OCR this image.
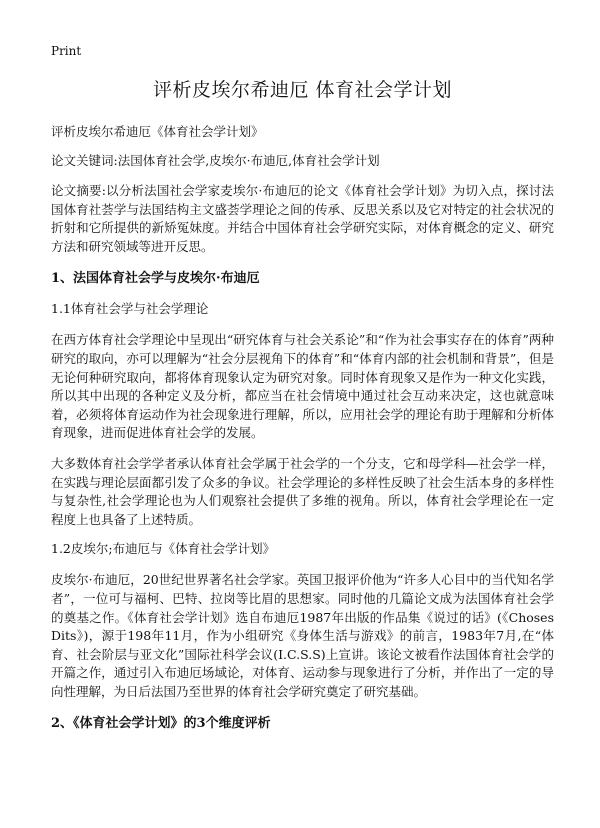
Print
评析皮埃尔希迪厄 体育社会学计划
评析皮埃尔希迪厄《体育社会学计划》
论文关键词:法国体育社会学,皮埃尔·布迪厄,体育社会学计划
论文摘要:以分析法国社会学家麦埃尔·布迪厄的论文《体育社会学计划》为切入点，探讨法国体育社荟学与法国结构主文盛荟学理论之间的传承、反思关系以及它对特定的社会状况的折射和它所提供的新矫冤妹度。并结合中国体育社会学研究实际，对体育概念的定义、研究方法和研究领域等进开反思。
1、法国体育社会学与皮埃尔·布迪厄
1.1体育社会学与社会学理论
在西方体育社会学理论中呈现出“研究体育与社会关系论”和“作为社会事实存在的体育”两种研究的取向，亦可以理解为“社会分层视角下的体育”和“体育内部的社会机制和背景”，但是无论何种研究取向，都将体育现象认定为研究对象。同时体育现象又是作为一种文化实践，所以其中出现的各种定义及分析，都应当在社会情境中通过社会互动来决定，这也就意味着，必须将体育运动作为社会现象进行理解，所以，应用社会学的理论有助于理解和分析体育现象，进而促进体育社会学的发展。
大多数体育社会学学者承认体育社会学属于社会学的一个分支，它和母学科—社会学一样，在实践与理论层面都引发了众多的争议。社会学理论的多样性反映了社会生活本身的多样性与复杂性,社会学理论也为人们观察社会提供了多维的视角。所以，体育社会学理论在一定程度上也具备了上述特质。
1.2皮埃尔;布迪厄与《体育社会学计划》
皮埃尔·布迪厄，20世纪世界著名社会学家。英国卫报评价他为“许多人心目中的当代知名学者”，一位可与福柯、巴特、拉岗等比眉的思想家。同时他的几篇论文成为法国体育社会学的奠基之作。《体育社会学计划》选自布迪厄1987年出版的作品集《说过的话》(《Choses Dits》)，源于198年11月，作为小组研究《身体生活与游戏》的前言，1983年7月,在“体育、社会阶层与亚文化”国际社科学会议(I.C.S.S)上宣讲。该论文被看作法国体育社会学的开篇之作，通过引入布迪厄场域论，对体育、运动参与现象进行了分析，并作出了一定的导向性理解，为日后法国乃至世界的体育社会学研究奠定了研究基础。
2、《体育社会学计划》的3个维度评析
